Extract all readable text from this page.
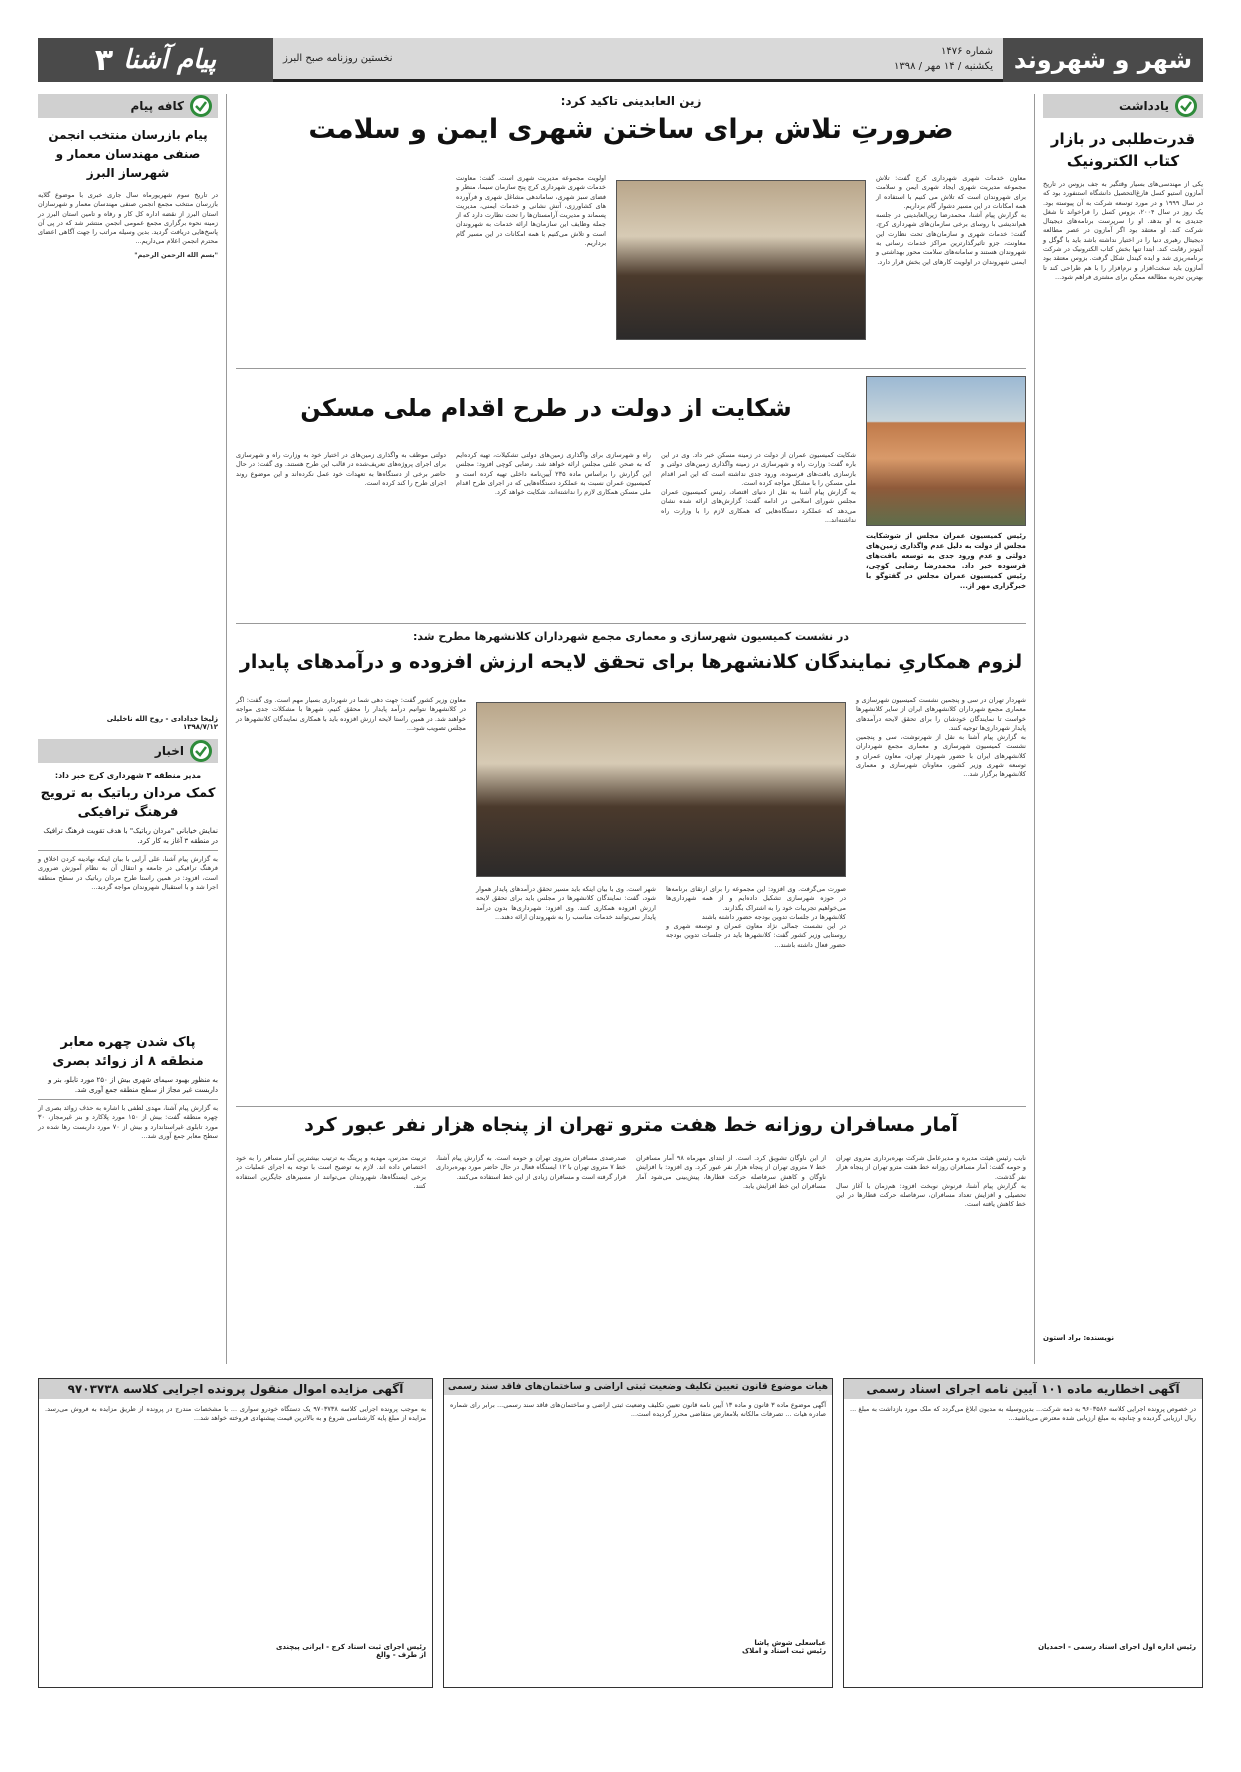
شهر و شهروند
شماره ۱۴۷۶
یکشنبه / ۱۴ مهر / ۱۳۹۸
نخستین روزنامه صبح البرز
پیام آشنا
۳
یادداشت
قدرت‌طلبی در بازار کتاب الکترونیک

یکی از مهندسی‌های بسیار وقتگیر به جف بزوس در تاریخ آمازون استیو کسل فارغ‌التحصیل دانشگاه استنفورد بود که در سال ۱۹۹۹ و در مورد توسعه شرکت به آن پیوسته بود. یک روز در سال ۲۰۰۴، بزوس کسل را فراخواند تا شغل جدیدی به او بدهد. او را سرپرست برنامه‌های دیجیتال شرکت کند. او معتقد بود اگر آمازون در عصر مطالعه دیجیتال رهبری دنیا را در اختیار نداشته باشد باید با گوگل و آیتونز رقابت کند. ابتدا تنها بخش کتاب الکترونیک در شرکت برنامه‌ریزی شد و ایده کیندل شکل گرفت. بزوس معتقد بود آمازون باید سخت‌افزار و نرم‌افزار را با هم طراحی کند تا بهترین تجربه مطالعه ممکن برای مشتری فراهم شود...

نویسنده: براد استون
کافه پیام
پیام بازرسان منتخب انجمن صنفی مهندسان معمار و شهرساز البرز

در تاریخ سوم شهریورماه سال جاری خبری با موضوع گلایه بازرسان منتخب مجمع انجمن صنفی مهندسان معمار و شهرسازان استان البرز از نقضه اداره کل کار و رفاه و تامین استان البرز در زمینه نحوه برگزاری مجمع عمومی انجمن منتشر شد که در پی آن پاسخ‌هایی دریافت گردید. بدین وسیله مراتب را جهت آگاهی اعضای محترم انجمن اعلام می‌داریم...

"بسم الله الرحمن الرحیم"

زلیخا خدادادی - روح الله ناخلیلی
۱۳۹۸/۷/۱۲
اخبار
مدیر منطقه ۳ شهرداری کرج خبر داد:
کمک مردان رباتیک به ترویج فرهنگ ترافیکی
نمایش خیابانی "مردان رباتیک" با هدف تقویت فرهنگ ترافیک در منطقه ۳ آغاز به کار کرد.

به گزارش پیام آشنا، علی آرایی با بیان اینکه نهادینه کردن اخلاق و فرهنگ ترافیکی در جامعه و انتقال آن به نظام آموزش ضروری است، افزود: در همین راستا طرح مردان رباتیک در سطح منطقه اجرا شد و با استقبال شهروندان مواجه گردید...

پاک شدن چهره معابر منطقه ۸ از زوائد بصری
به منظور بهبود سیمای شهری بیش از ۲۵۰ مورد تابلو، بنر و داربست غیر مجاز از سطح منطقه جمع آوری شد.

به گزارش پیام آشنا، مهدی لطفی با اشاره به حذف زوائد بصری از چهره منطقه گفت: بیش از ۱۵۰ مورد پلاکارد و بنر غیرمجاز، ۳۰ مورد تابلوی غیراستاندارد و بیش از ۷۰ مورد داربست رها شده در سطح معابر جمع آوری شد...

زین العابدینی تاکید کرد:
ضرورتِ تلاش برای ساختن شهری ایمن و سلامت

معاون خدمات شهری شهرداری کرج گفت: تلاش مجموعه مدیریت شهری ایجاد شهری ایمن و سلامت برای شهروندان است که تلاش می کنیم با استفاده از همه امکانات در این مسیر دشوار گام برداریم.
به گزارش پیام آشنا، محمدرضا زین‌العابدینی در جلسه هم‌اندیشی با روسای برخی سازمان‌های شهرداری کرج، گفت: خدمات شهری و سازمان‌های تحت نظارت این معاونت، جزو تاثیرگذارترین مراکز خدمات رسانی به شهروندان هستند و سامانه‌های سلامت محور بهداشتی و ایمنی شهروندان در اولویت کارهای این بخش قرار دارد.

اولویت مجموعه مدیریت شهری است. گفت: معاونت خدمات شهری شهرداری کرج پنج سازمان سیما، منظر و فضای سبز شهری، ساماندهی مشاغل شهری و فرآورده های کشاورزی، آتش نشانی و خدمات ایمنی، مدیریت پسماند و مدیریت آرامستان‌ها را تحت نظارت دارد که از جمله وظایف این سازمان‌ها ارائه خدمات به شهروندان است و تلاش می‌کنیم با همه امکانات در این مسیر گام برداریم.

رئیس کمیسیون عمران مجلس از شوشکایت مجلس از دولت به دلیل عدم واگذاری زمین‌های دولتی و عدم ورود جدی به توسعه بافت‌های فرسوده خبر داد. محمدرضا رضایی کوچی، رئیس کمیسیون عمران مجلس در گفتوگو با خبرگزاری مهر از...
شکایت از دولت در طرح اقدام ملی مسکن

شکایت کمیسیون عمران از دولت در زمینه مسکن خبر داد. وی در این باره گفت: وزارت راه و شهرسازی در زمینه واگذاری زمین‌های دولتی و بازسازی بافت‌های فرسوده، ورود جدی نداشته است که این امر اقدام ملی مسکن را با مشکل مواجه کرده است.
به گزارش پیام آشنا به نقل از دنیای اقتصاد، رئیس کمیسیون عمران مجلس شورای اسلامی در ادامه گفت: گزارش‌های ارائه شده نشان می‌دهد که عملکرد دستگاه‌هایی که همکاری لازم را با وزارت راه نداشته‌اند...

راه و شهرسازی برای واگذاری زمین‌های دولتی تشکیلات، تهیه کرده‌ایم که به صحن علنی مجلس ارائه خواهد شد. رضایی کوچی افزود: مجلس این گزارش را براساس ماده ۲۳۵ آیین‌نامه داخلی تهیه کرده است و کمیسیون عمران نسبت به عملکرد دستگاه‌هایی که در اجرای طرح اقدام ملی مسکن همکاری لازم را نداشته‌اند، شکایت خواهد کرد.

دولتی موظف به واگذاری زمین‌های در اختیار خود به وزارت راه و شهرسازی برای اجرای پروژه‌های تعریف‌شده در قالب این طرح هستند. وی گفت: در حال حاضر برخی از دستگاه‌ها به تعهدات خود عمل نکرده‌اند و این موضوع روند اجرای طرح را کند کرده است.

در نشست کمیسیون شهرسازی و معماری مجمع شهرداران کلانشهرها مطرح شد:
لزوم همکاریِ نمایندگان کلانشهرها برای تحقق لایحه ارزش افزوده و درآمدهای پایدار

شهردار تهران در سی و پنجمین نشست کمیسیون شهرسازی و معماری مجمع شهرداران کلانشهرهای ایران از سایر کلانشهرها خواست تا نمایندگان خودشان را برای تحقق لایحه درآمدهای پایدار شهرداری‌ها توجیه کنند.
به گزارش پیام آشنا به نقل از شهرنوشت، سی و پنجمین نشست کمیسیون شهرسازی و معماری مجمع شهرداران کلانشهرهای ایران با حضور شهردار تهران، معاون عمران و توسعه شهری وزیر کشور، معاونان شهرسازی و معماری کلانشهرها برگزار شد...

صورت می‌گرفت. وی افزود: این مجموعه را برای ارتقای برنامه‌ها در حوزه شهرسازی تشکیل داده‌ایم و از همه شهرداری‌ها می‌خواهیم تجربیات خود را به اشتراک بگذارند.
کلانشهرها در جلسات تدوین بودجه حضور داشته باشند
در این نشست جمالی نژاد معاون عمران و توسعه شهری و روستایی وزیر کشور گفت: کلانشهرها باید در جلسات تدوین بودجه حضور فعال داشته باشند...

شهر است. وی با بیان اینکه باید مسیر تحقق درآمدهای پایدار هموار شود، گفت: نمایندگان کلانشهرها در مجلس باید برای تحقق لایحه ارزش افزوده همکاری کنند. وی افزود: شهرداری‌ها بدون درآمد پایدار نمی‌توانند خدمات مناسب را به شهروندان ارائه دهند...

معاون وزیر کشور گفت: جهت دهی شما در شهرداری بسیار مهم است. وی گفت: اگر در کلانشهرها نتوانیم درآمد پایدار را محقق کنیم، شهرها با مشکلات جدی مواجه خواهند شد. در همین راستا لایحه ارزش افزوده باید با همکاری نمایندگان کلانشهرها در مجلس تصویب شود...

آمار مسافران روزانه خط هفت مترو تهران از پنجاه هزار نفر عبور کرد

نایب رئیس هیئت مدیره و مدیرعامل شرکت بهره‌برداری متروی تهران و حومه گفت: آمار مسافران روزانه خط هفت مترو تهران از پنجاه هزار نفر گذشت.
به گزارش پیام آشنا، فرنوش نوبخت افزود: هم‌زمان با آغاز سال تحصیلی و افزایش تعداد مسافران، سرفاصله حرکت قطارها در این خط کاهش یافته است.

از این ناوگان تشویق کرد. است. از ابتدای مهرماه ۹۸ آمار مسافران خط ۷ متروی تهران از پنجاه هزار نفر عبور کرد. وی افزود: با افزایش ناوگان و کاهش سرفاصله حرکت قطارها، پیش‌بینی می‌شود آمار مسافران این خط افزایش یابد.

صدرصدی مسافران متروی تهران و حومه است. به گزارش پیام آشنا، خط ۷ متروی تهران با ۱۲ ایستگاه فعال در حال حاضر مورد بهره‌برداری قرار گرفته است و مسافران زیادی از این خط استفاده می‌کنند.

تربیت مدرس، مهدیه و پرینگ به ترتیب بیشترین آمار مسافر را به خود اختصاص داده اند. لازم به توضیح است با توجه به اجرای عملیات در برخی ایستگاه‌ها، شهروندان می‌توانند از مسیرهای جایگزین استفاده کنند.

آگهی اخطاریه ماده ۱۰۱ آیین نامه اجرای اسناد رسمی

در خصوص پرونده اجرایی کلاسه ۹۶۰۳۵۸۶ به ذمه شرکت... بدین‌وسیله به مدیون ابلاغ می‌گردد که ملک مورد بازداشت به مبلغ ... ریال ارزیابی گردیده و چنانچه به مبلغ ارزیابی شده معترض می‌باشید...

رئیس اداره اول اجرای اسناد رسمی - احمدیان
هیات موضوع قانون تعیین تکلیف وضعیت ثبتی اراضی و ساختمان‌های فاقد سند رسمی

آگهی موضوع ماده ۳ قانون و ماده ۱۳ آیین نامه قانون تعیین تکلیف وضعیت ثبتی اراضی و ساختمان‌های فاقد سند رسمی... برابر رای شماره صادره هیات ... تصرفات مالکانه بلامعارض متقاضی محرز گردیده است...

عباسعلی شوش پاشا
رئیس ثبت اسناد و املاک
آگهی مزایده اموال منقول پرونده اجرایی کلاسه ۹۷۰۳۷۳۸

به موجب پرونده اجرایی کلاسه ۹۷۰۳۷۳۸ یک دستگاه خودرو سواری ... با مشخصات مندرج در پرونده از طریق مزایده به فروش می‌رسد. مزایده از مبلغ پایه کارشناسی شروع و به بالاترین قیمت پیشنهادی فروخته خواهد شد...

رئیس اجرای ثبت اسناد کرج - ایرانی پیچندی
از طرف - والغ
